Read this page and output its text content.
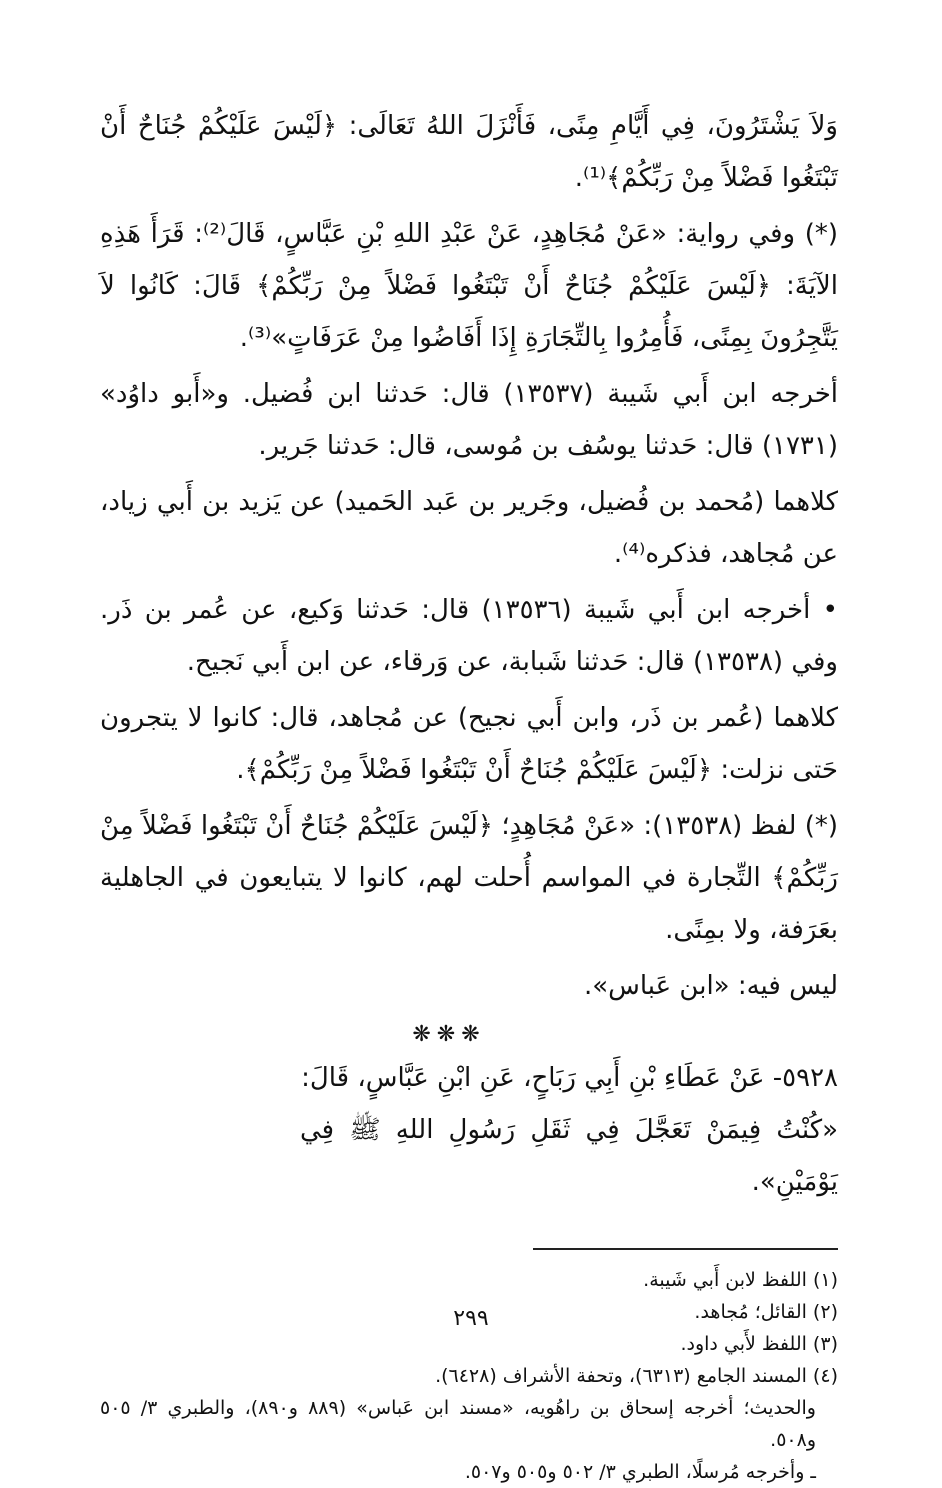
وَلاَ يَشْتَرُونَ، فِي أَيَّامِ مِنًى، فَأَنْزَلَ اللهُ تَعَالَى: ﴿لَيْسَ عَلَيْكُمْ جُنَاحٌ أَنْ تَبْتَغُوا فَضْلاً مِنْ رَبِّكُمْ﴾⁽¹⁾.

(*) وفي رواية: «عَنْ مُجَاهِدٍ، عَنْ عَبْدِ اللهِ بْنِ عَبَّاسٍ، قَالَ⁽²⁾: قَرَأَ هَذِهِ الآيَةَ: ﴿لَيْسَ عَلَيْكُمْ جُنَاحٌ أَنْ تَبْتَغُوا فَضْلاً مِنْ رَبِّكُمْ﴾ قَالَ: كَانُوا لاَ يَتَّجِرُونَ بِمِنًى، فَأُمِرُوا بِالتِّجَارَةِ إِذَا أَفَاضُوا مِنْ عَرَفَاتٍ»⁽³⁾.

أخرجه ابن أَبي شَيبة (١٣٥٣٧) قال: حَدثنا ابن فُضيل. و«أَبو داوُد» (١٧٣١) قال: حَدثنا يوسُف بن مُوسى، قال: حَدثنا جَرير.

كلاهما (مُحمد بن فُضيل، وجَرير بن عَبد الحَميد) عن يَزيد بن أَبي زياد، عن مُجاهد، فذكره⁽⁴⁾.

• أخرجه ابن أَبي شَيبة (١٣٥٣٦) قال: حَدثنا وَكيع، عن عُمر بن ذَر. وفي (١٣٥٣٨) قال: حَدثنا شَبابة، عن وَرقاء، عن ابن أَبي نَجيح.

كلاهما (عُمر بن ذَر، وابن أَبي نجيح) عن مُجاهد، قال: كانوا لا يتجرون حَتى نزلت: ﴿لَيْسَ عَلَيْكُمْ جُنَاحٌ أَنْ تَبْتَغُوا فَضْلاً مِنْ رَبِّكُمْ﴾.

(*) لفظ (١٣٥٣٨): «عَنْ مُجَاهِدٍ؛ ﴿لَيْسَ عَلَيْكُمْ جُنَاحٌ أَنْ تَبْتَغُوا فَضْلاً مِنْ رَبِّكُمْ﴾ التِّجارة في المواسم أُحلت لهم، كانوا لا يتبايعون في الجاهلية بعَرَفة، ولا بمِنًى.

ليس فيه: «ابن عَباس».

❋❋❋

٥٩٢٨- عَنْ عَطَاءِ بْنِ أَبِي رَبَاحٍ، عَنِ ابْنِ عَبَّاسٍ، قَالَ:

«كُنْتُ فِيمَنْ تَعَجَّلَ فِي ثَقَلِ رَسُولِ اللهِ ﷺ فِي يَوْمَيْنِ».

(١) اللفظ لابن أَبي شَيبة.

(٢) القائل؛ مُجاهد.

(٣) اللفظ لأَبي داود.

(٤) المسند الجامع (٦٣١٣)، وتحفة الأشراف (٦٤٢٨).

والحديث؛ أخرجه إسحاق بن راهُويه، «مسند ابن عَباس» (٨٨٩ و٨٩٠)، والطبري ٣/ ٥٠٥ و٥٠٨.

ـ وأخرجه مُرسلًا، الطبري ٣/ ٥٠٢ و٥٠٥ و٥٠٧.

٢٩٩
